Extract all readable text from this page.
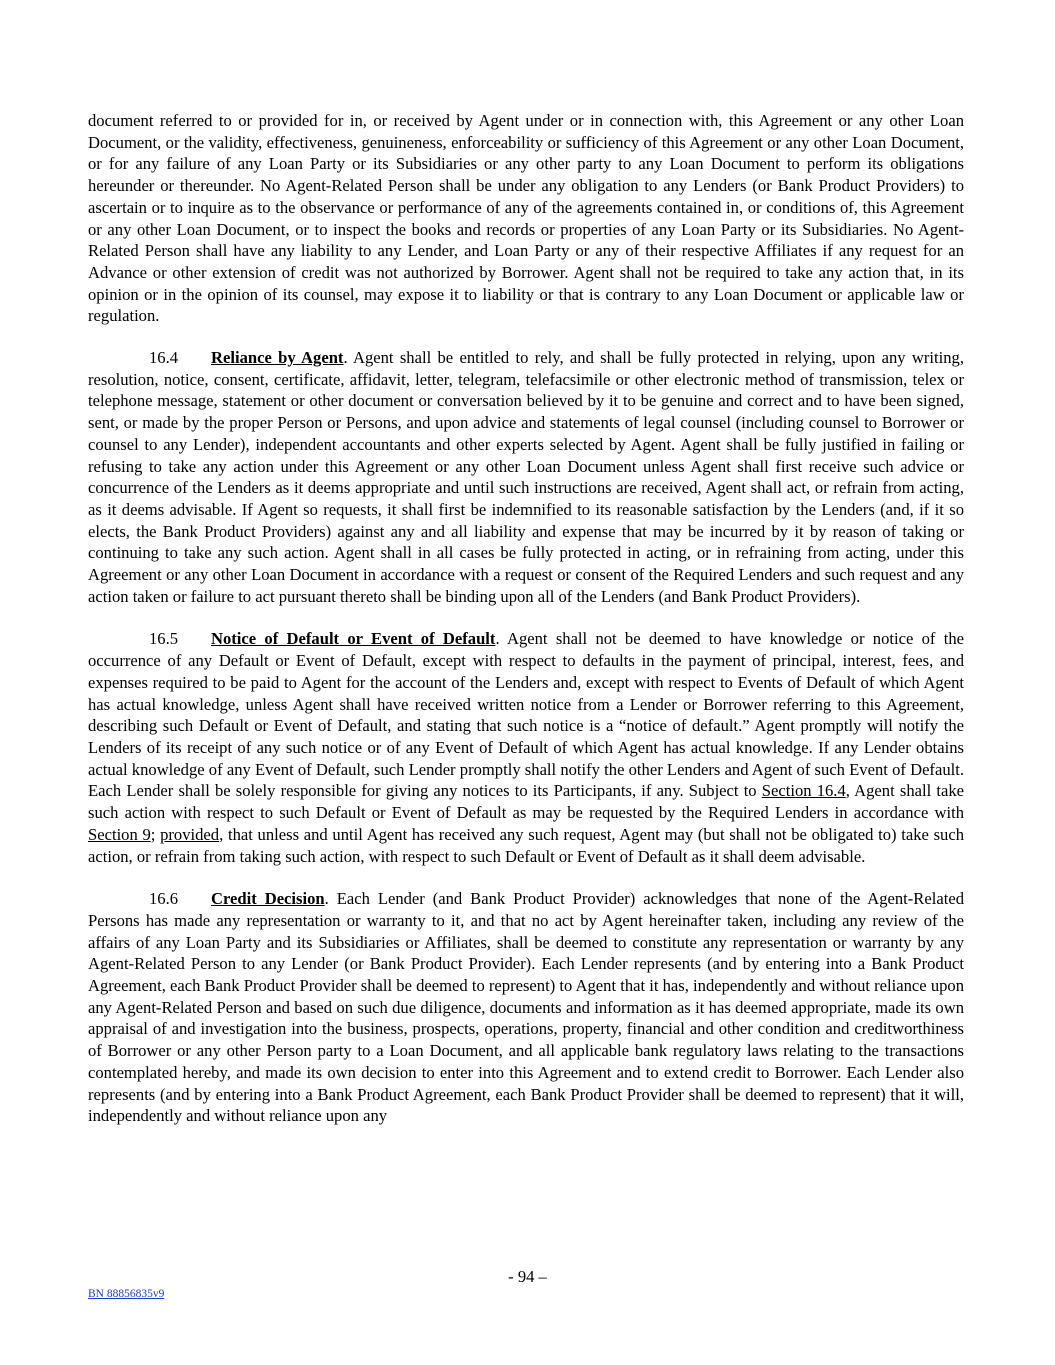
document referred to or provided for in, or received by Agent under or in connection with, this Agreement or any other Loan Document, or the validity, effectiveness, genuineness, enforceability or sufficiency of this Agreement or any other Loan Document, or for any failure of any Loan Party or its Subsidiaries or any other party to any Loan Document to perform its obligations hereunder or thereunder. No Agent-Related Person shall be under any obligation to any Lenders (or Bank Product Providers) to ascertain or to inquire as to the observance or performance of any of the agreements contained in, or conditions of, this Agreement or any other Loan Document, or to inspect the books and records or properties of any Loan Party or its Subsidiaries. No Agent-Related Person shall have any liability to any Lender, and Loan Party or any of their respective Affiliates if any request for an Advance or other extension of credit was not authorized by Borrower. Agent shall not be required to take any action that, in its opinion or in the opinion of its counsel, may expose it to liability or that is contrary to any Loan Document or applicable law or regulation.

16.4 Reliance by Agent. Agent shall be entitled to rely, and shall be fully protected in relying, upon any writing, resolution, notice, consent, certificate, affidavit, letter, telegram, telefacsimile or other electronic method of transmission, telex or telephone message, statement or other document or conversation believed by it to be genuine and correct and to have been signed, sent, or made by the proper Person or Persons, and upon advice and statements of legal counsel (including counsel to Borrower or counsel to any Lender), independent accountants and other experts selected by Agent. Agent shall be fully justified in failing or refusing to take any action under this Agreement or any other Loan Document unless Agent shall first receive such advice or concurrence of the Lenders as it deems appropriate and until such instructions are received, Agent shall act, or refrain from acting, as it deems advisable. If Agent so requests, it shall first be indemnified to its reasonable satisfaction by the Lenders (and, if it so elects, the Bank Product Providers) against any and all liability and expense that may be incurred by it by reason of taking or continuing to take any such action. Agent shall in all cases be fully protected in acting, or in refraining from acting, under this Agreement or any other Loan Document in accordance with a request or consent of the Required Lenders and such request and any action taken or failure to act pursuant thereto shall be binding upon all of the Lenders (and Bank Product Providers).

16.5 Notice of Default or Event of Default. Agent shall not be deemed to have knowledge or notice of the occurrence of any Default or Event of Default, except with respect to defaults in the payment of principal, interest, fees, and expenses required to be paid to Agent for the account of the Lenders and, except with respect to Events of Default of which Agent has actual knowledge, unless Agent shall have received written notice from a Lender or Borrower referring to this Agreement, describing such Default or Event of Default, and stating that such notice is a “notice of default.” Agent promptly will notify the Lenders of its receipt of any such notice or of any Event of Default of which Agent has actual knowledge. If any Lender obtains actual knowledge of any Event of Default, such Lender promptly shall notify the other Lenders and Agent of such Event of Default. Each Lender shall be solely responsible for giving any notices to its Participants, if any. Subject to Section 16.4, Agent shall take such action with respect to such Default or Event of Default as may be requested by the Required Lenders in accordance with Section 9; provided, that unless and until Agent has received any such request, Agent may (but shall not be obligated to) take such action, or refrain from taking such action, with respect to such Default or Event of Default as it shall deem advisable.

16.6 Credit Decision. Each Lender (and Bank Product Provider) acknowledges that none of the Agent-Related Persons has made any representation or warranty to it, and that no act by Agent hereinafter taken, including any review of the affairs of any Loan Party and its Subsidiaries or Affiliates, shall be deemed to constitute any representation or warranty by any Agent-Related Person to any Lender (or Bank Product Provider). Each Lender represents (and by entering into a Bank Product Agreement, each Bank Product Provider shall be deemed to represent) to Agent that it has, independently and without reliance upon any Agent-Related Person and based on such due diligence, documents and information as it has deemed appropriate, made its own appraisal of and investigation into the business, prospects, operations, property, financial and other condition and creditworthiness of Borrower or any other Person party to a Loan Document, and all applicable bank regulatory laws relating to the transactions contemplated hereby, and made its own decision to enter into this Agreement and to extend credit to Borrower. Each Lender also represents (and by entering into a Bank Product Agreement, each Bank Product Provider shall be deemed to represent) that it will, independently and without reliance upon any

- 94 –
BN 88856835v9
